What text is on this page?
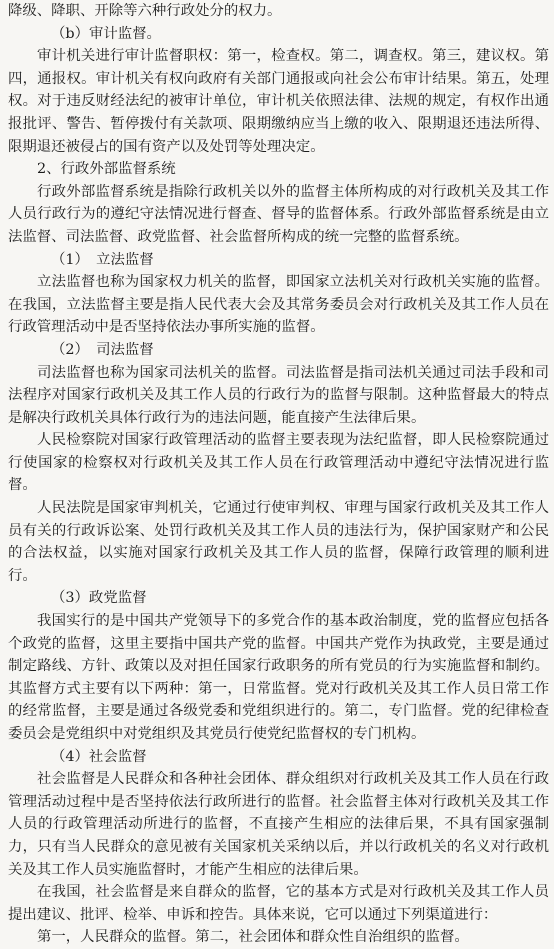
降级、降职、开除等六种行政处分的权力。

（b）审计监督。

审计机关进行审计监督职权：第一，检查权。第二，调查权。第三，建议权。第四，通报权。审计机关有权向政府有关部门通报或向社会公布审计结果。第五，处理权。对于违反财经法纪的被审计单位，审计机关依照法律、法规的规定，有权作出通报批评、警告、暂停拨付有关款项、限期缴纳应当上缴的收入、限期退还违法所得、限期退还被侵占的国有资产以及处罚等处理决定。

2、行政外部监督系统

行政外部监督系统是指除行政机关以外的监督主体所构成的对行政机关及其工作人员行政行为的遵纪守法情况进行督查、督导的监督体系。行政外部监督系统是由立法监督、司法监督、政党监督、社会监督所构成的统一完整的监督系统。

（1）　立法监督

立法监督也称为国家权力机关的监督，即国家立法机关对行政机关实施的监督。在我国，立法监督主要是指人民代表大会及其常务委员会对行政机关及其工作人员在行政管理活动中是否坚持依法办事所实施的监督。

（2）　司法监督

司法监督也称为国家司法机关的监督。司法监督是指司法机关通过司法手段和司法程序对国家行政机关及其工作人员的行政行为的监督与限制。这种监督最大的特点是解决行政机关具体行政行为的违法问题，能直接产生法律后果。

人民检察院对国家行政管理活动的监督主要表现为法纪监督，即人民检察院通过行使国家的检察权对行政机关及其工作人员在行政管理活动中遵纪守法情况进行监督。

人民法院是国家审判机关，它通过行使审判权、审理与国家行政机关及其工作人员有关的行政诉讼案、处罚行政机关及其工作人员的违法行为，保护国家财产和公民的合法权益，以实施对国家行政机关及其工作人员的监督，保障行政管理的顺利进行。

（3）政党监督

我国实行的是中国共产党领导下的多党合作的基本政治制度，党的监督应包括各个政党的监督，这里主要指中国共产党的监督。中国共产党作为执政党，主要是通过制定路线、方针、政策以及对担任国家行政职务的所有党员的行为实施监督和制约。其监督方式主要有以下两种：第一，日常监督。党对行政机关及其工作人员日常工作的经常监督，主要是通过各级党委和党组织进行的。第二，专门监督。党的纪律检查委员会是党组织中对党组织及其党员行使党纪监督权的专门机构。

（4）社会监督

社会监督是人民群众和各种社会团体、群众组织对行政机关及其工作人员在行政管理活动过程中是否坚持依法行政所进行的监督。社会监督主体对行政机关及其工作人员的行政管理活动所进行的监督，不直接产生相应的法律后果，不具有国家强制力，只有当人民群众的意见被有关国家机关采纳以后，并以行政机关的名义对行政机关及其工作人员实施监督时，才能产生相应的法律后果。

在我国，社会监督是来自群众的监督，它的基本方式是对行政机关及其工作人员提出建议、批评、检举、申诉和控告。具体来说，它可以通过下列渠道进行：

第一，人民群众的监督。第二，社会团体和群众性自治组织的监督。
